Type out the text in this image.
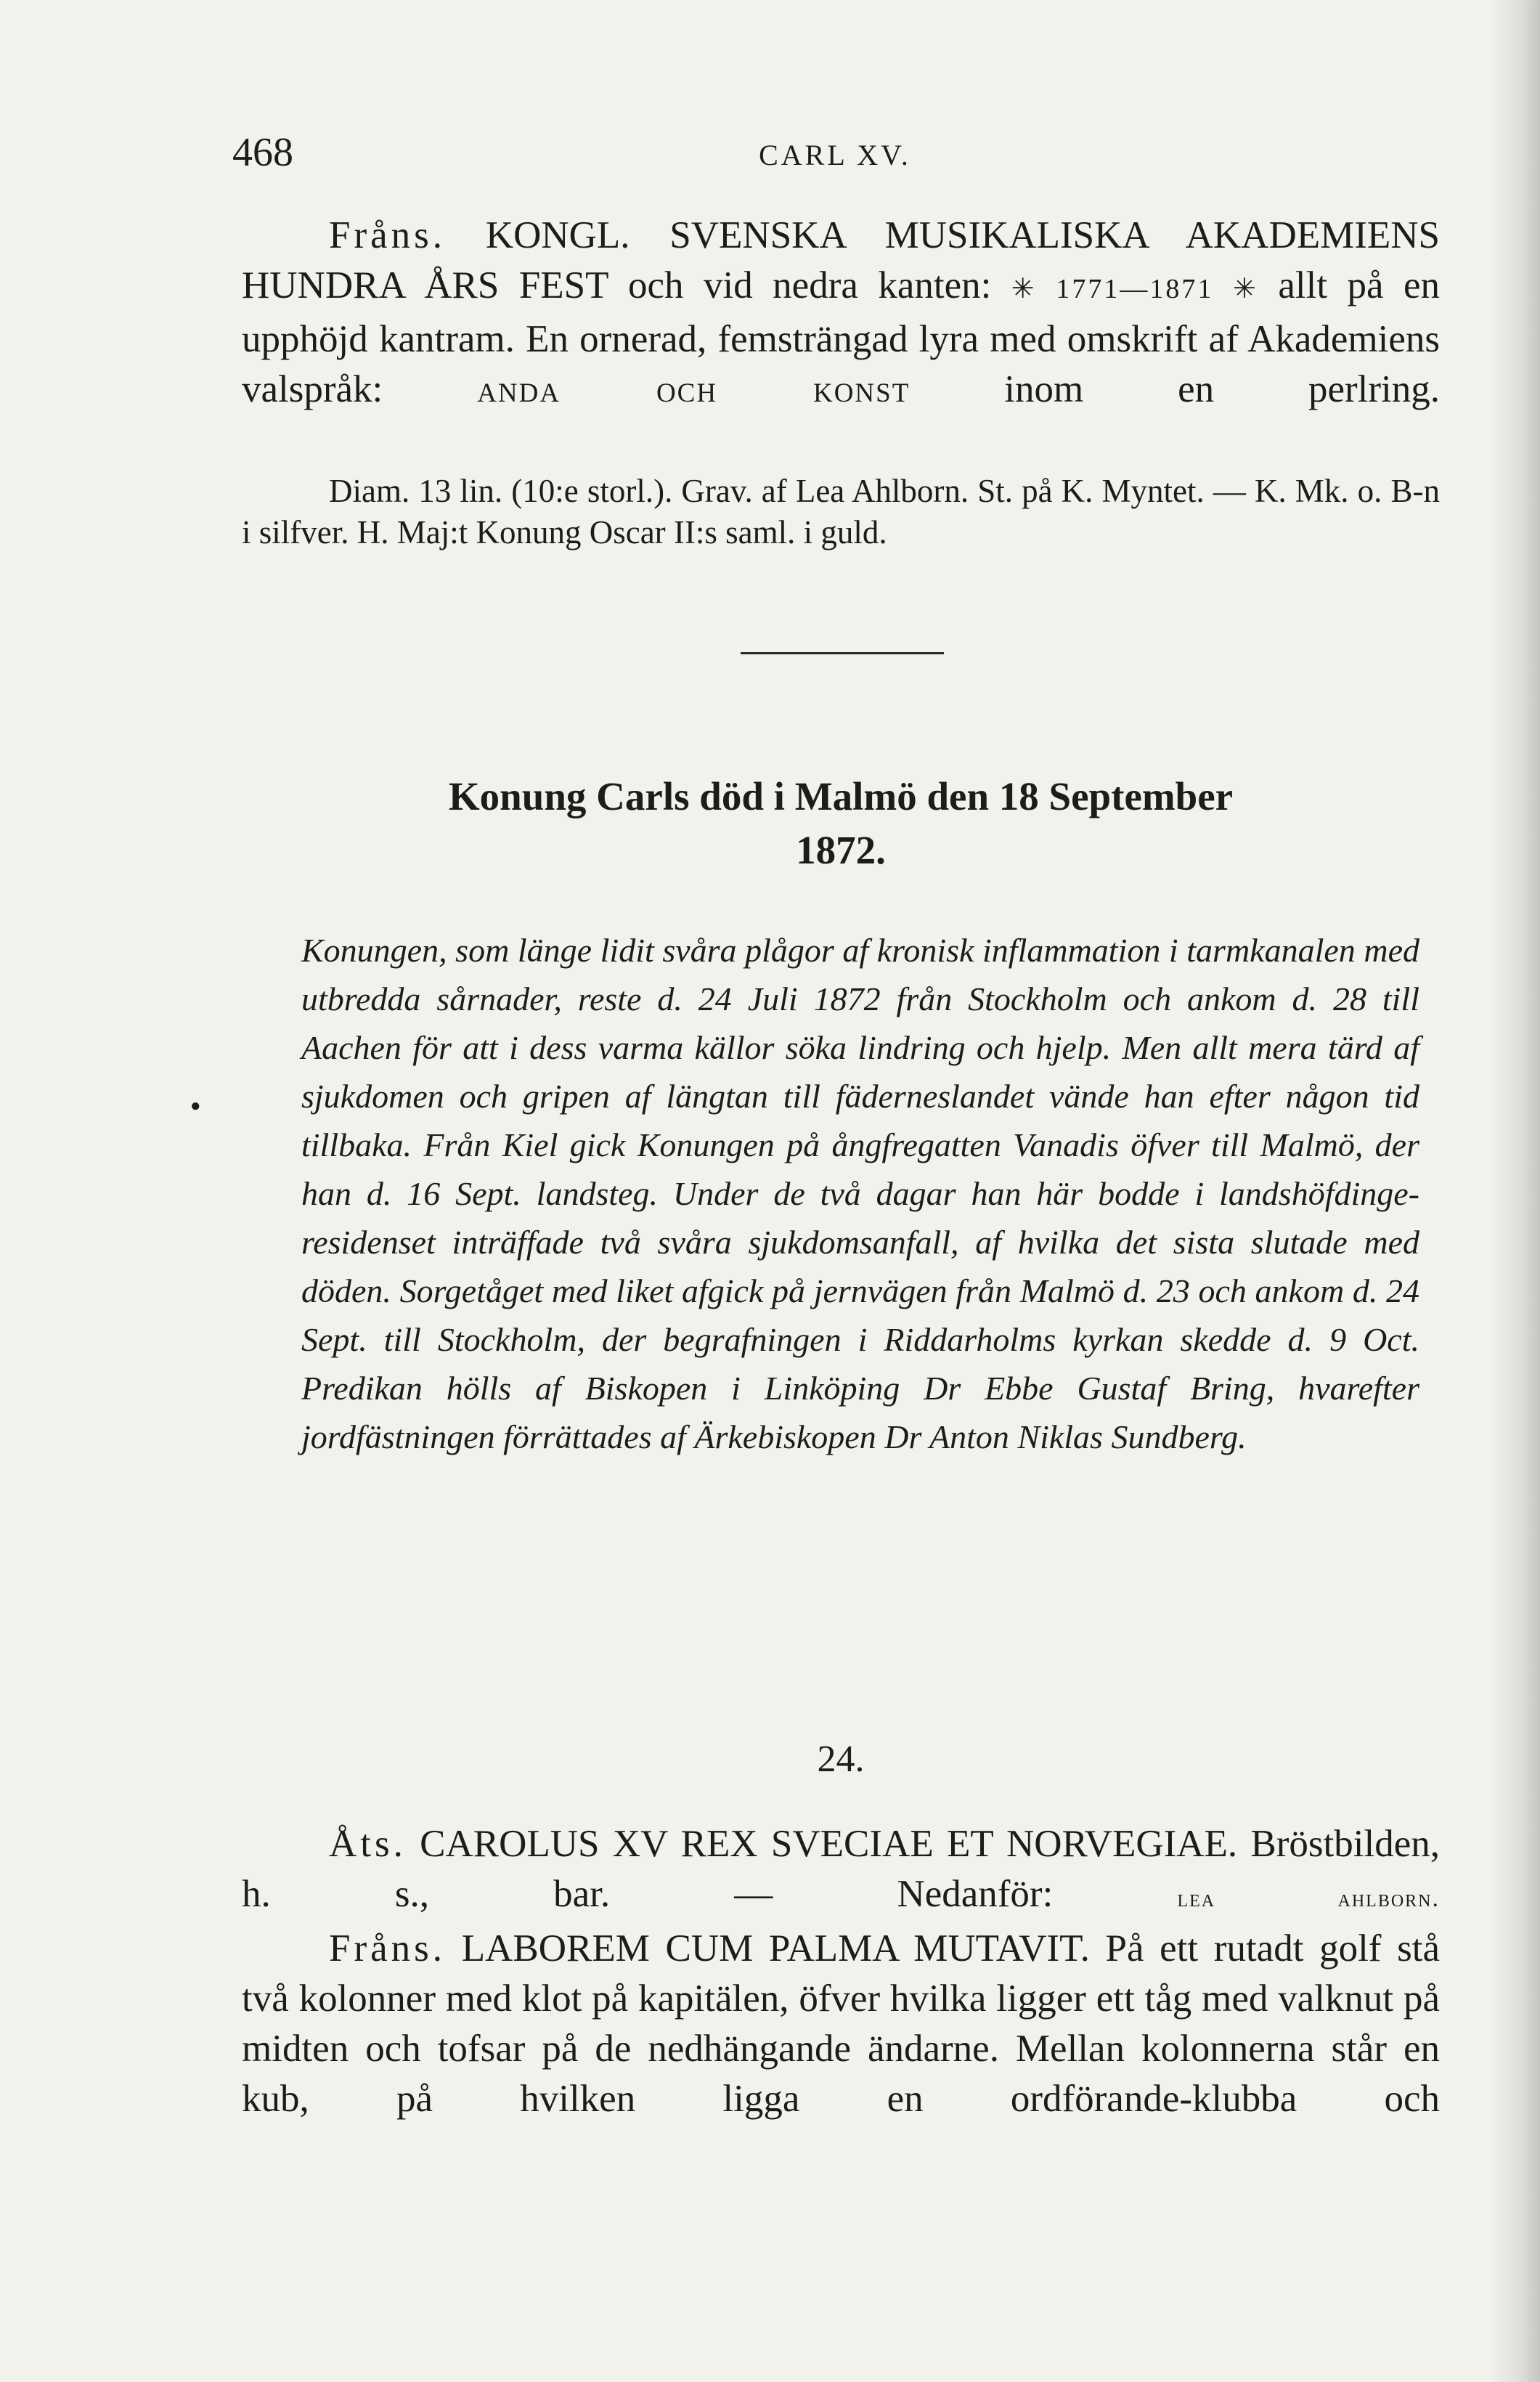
468	CARL XV.

Fråns. KONGL. SVENSKA MUSIKALISKA AKADEMIENS HUNDRA ÅRS FEST och vid nedra kanten: ✳ 1771—1871 ✳ allt på en upphöjd kantram. En ornerad, femsträngad lyra med omskrift af Akademiens valspråk: anda och konst inom en perlring.

Diam. 13 lin. (10:e storl.). Grav. af Lea Ahlborn. St. på K. Myntet. — K. Mk. o. B-n i silfver. H. Maj:t Konung Oscar II:s saml. i guld.

Konung Carls död i Malmö den 18 September
1872.
●

Konungen, som länge lidit svåra plågor af kronisk inflammation i tarmkanalen med utbredda sårnader, reste d. 24 Juli 1872 från Stockholm och ankom d. 28 till Aachen för att i dess varma källor söka lindring och hjelp. Men allt mera tärd af sjukdomen och gripen af längtan till fäderneslandet vände han efter någon tid tillbaka. Från Kiel gick Konungen på ångfregatten Vanadis öfver till Malmö, der han d. 16 Sept. landsteg. Under de två dagar han här bodde i landshöfdinge-residenset inträffade två svåra sjukdomsanfall, af hvilka det sista slutade med döden. Sorgetåget med liket afgick på jernvägen från Malmö d. 23 och ankom d. 24 Sept. till Stockholm, der begrafningen i Riddarholms kyrkan skedde d. 9 Oct. Predikan hölls af Biskopen i Linköping Dr Ebbe Gustaf Bring, hvarefter jordfästningen förrättades af Ärkebiskopen Dr Anton Niklas Sundberg.

24.

Åts. CAROLUS XV REX SVECIAE ET NORVEGIAE. Bröstbilden, h. s., bar. — Nedanför:	lea ahlborn.

Fråns. LABOREM CUM PALMA MUTAVIT. På ett rutadt golf stå två kolonner med klot på kapitälen, öfver hvilka ligger ett tåg med valknut på midten och tofsar på de nedhängande ändarne. Mellan kolonnerna står en kub, på hvilken ligga en ordförande-klubba och
